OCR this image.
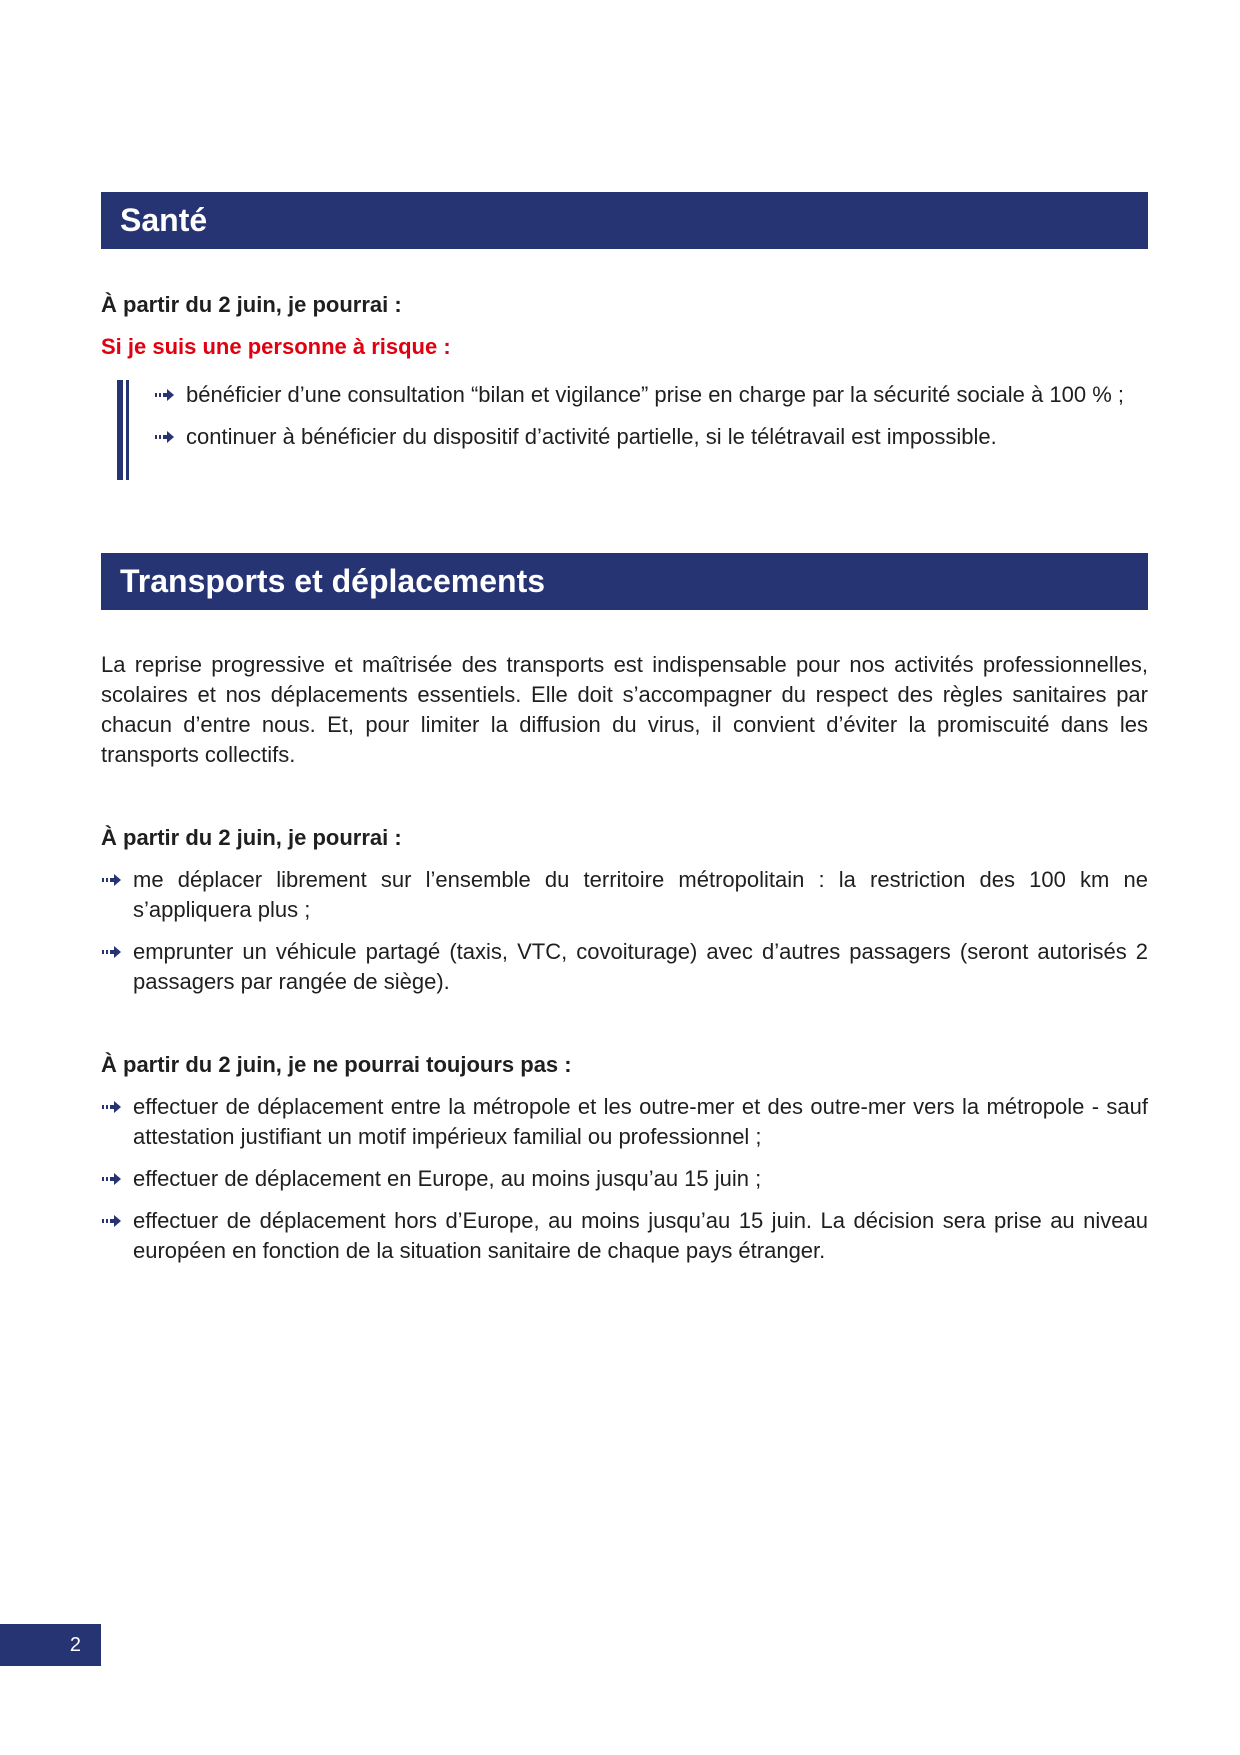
Santé
À partir du 2 juin, je pourrai :
Si je suis une personne à risque :
bénéficier d’une consultation “bilan et vigilance” prise en charge par la sécurité sociale à 100 % ;
continuer à bénéficier du dispositif d’activité partielle, si le télétravail est impossible.
Transports et déplacements

La reprise progressive et maîtrisée des transports est indispensable pour nos activités professionnelles, scolaires et nos déplacements essentiels. Elle doit s’accompagner du respect des règles sanitaires par chacun d’entre nous. Et, pour limiter la diffusion du virus, il convient d’éviter la promiscuité dans les transports collectifs.

À partir du 2 juin, je pourrai :
me déplacer librement sur l’ensemble du territoire métropolitain : la restriction des 100 km ne s’appliquera plus ;
emprunter un véhicule partagé (taxis, VTC, covoiturage) avec d’autres passagers (seront autorisés 2 passagers par rangée de siège).
À partir du 2 juin, je ne pourrai toujours pas :
effectuer de déplacement entre la métropole et les outre-mer et des outre-mer vers la métropole - sauf attestation justifiant un motif impérieux familial ou professionnel ;
effectuer de déplacement en Europe, au moins jusqu’au 15 juin ;
effectuer de déplacement hors d’Europe, au moins jusqu’au 15 juin. La décision sera prise au niveau européen en fonction de la situation sanitaire de chaque pays étranger.
2
